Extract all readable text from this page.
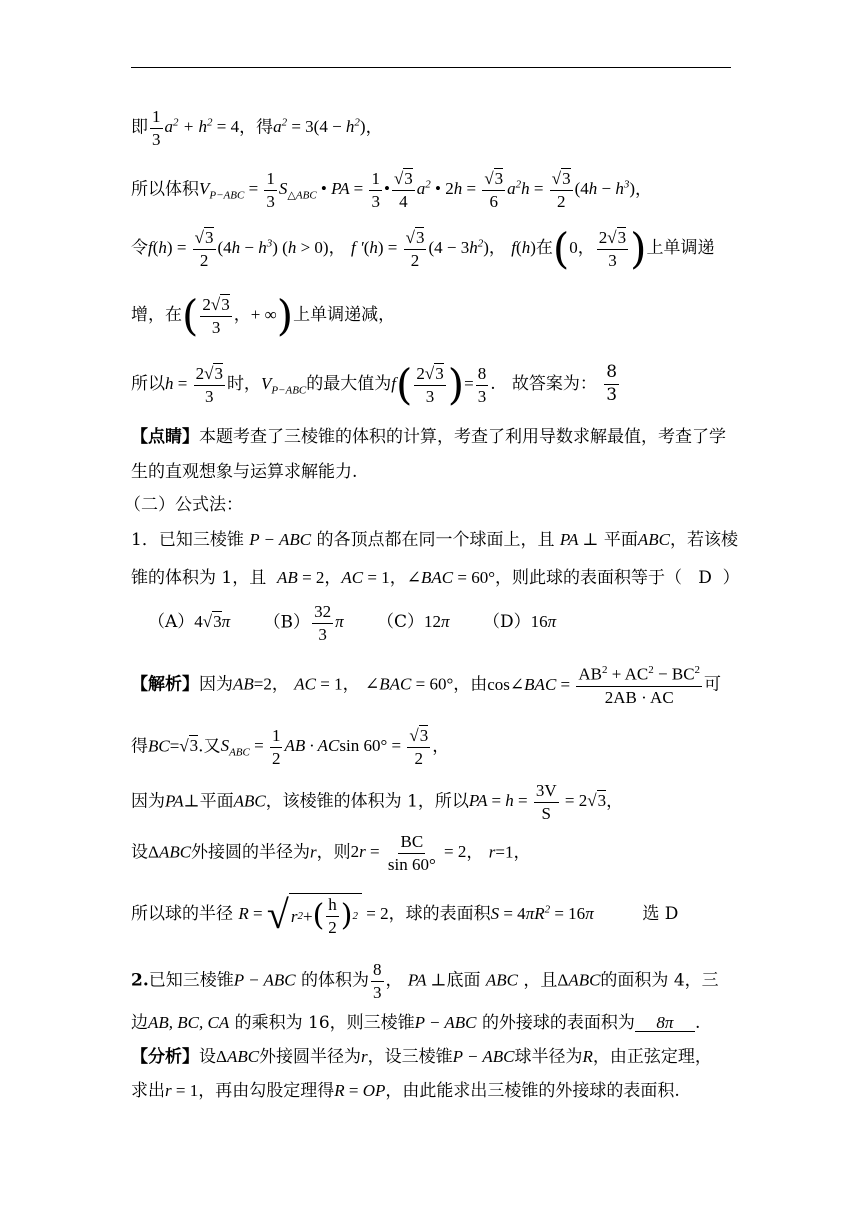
即 $\frac{1}{3} a^2 + h^2 = 4$，得$a^2 = 3(4 - h^2)$，
所以体积$V_{P-ABC} = \frac{1}{3} S_{\triangle ABC}$ • PA = $\frac{1}{3}$ • $\frac{√3}{4} a^2$ • $2h = \frac{√3}{6} a^2h = \frac{√3}{2} (4h - h^3)$，
令$f(h) = \frac{√3}{2} (4h - h^3) (h > 0)$， f $'(h) = \frac{√3}{2} (4 - 3h^2)$， f(h)在(0， $\frac{2√3}{3}$ )上单调递
增，在( $\frac{2√3}{3}$ ，+ ∞)上单调递减，
所以$h = \frac{2√3}{3}$ 时，$V_{P-ABC}$的最大值为$f( \frac{2√3}{3}$ )= $\frac{8}{3}$ .   故答案为： $\frac{8}{3}$
【点睛】本题考查了三棱锥的体积的计算，考查了利用导数求解最值，考查了学
生的直观想象与运算求解能力.
（二）公式法：
1．已知三棱锥 P − ABC 的各顶点都在同一个球面上，且 PA ⊥ 平面ABC，若该棱
锥的体积为 1，且 AB = 2，AC = 1，∠BAC = 60°，则此球的表面积等于（ D ）
（A）4√3π $(B) \frac{32}{3}$ π （C）12π （D）16π
【解析】因为AB=2， AC = 1， ∠BAC = 60°，由cos∠BAC = $\frac{AB^2 + AC^2 - BC^2}{2AB \cdot AC}$ 可
得BC=√3.又$S_{ABC} = \frac{1}{2}$ AB · ACsin $60^\circ = \frac{√3}{2}$ ，
因为PA⊥平面ABC，该棱锥的体积为 1，所以PA = $h = \frac{3V}{S} = 2√3$，
设ΔABC外接圆的半径为r，则$2r = \frac{BC}{\sin 60^\circ} = 2$， r=1，
所以球的半径 R = √ r 2 + ( $\frac{h}{2}$ ) 2 = 2，球的表面积$S = 4\pi R^2 = 16\pi$	选 D
2.已知三棱锥P − ABC 的体积为 $\frac{8}{3}$ ， PA ⊥底面 ABC ，且ΔABC的面积为 4，三
边AB, BC, CA 的乘积为 16，则三棱锥P − ABC 的外接球的表面积为 8π .
【分析】设ΔABC外接圆半径为r，设三棱锥P − ABC球半径为R，由正弦定理，
求出r = 1，再由勾股定理得R = OP，由此能求出三棱锥的外接球的表面积.
